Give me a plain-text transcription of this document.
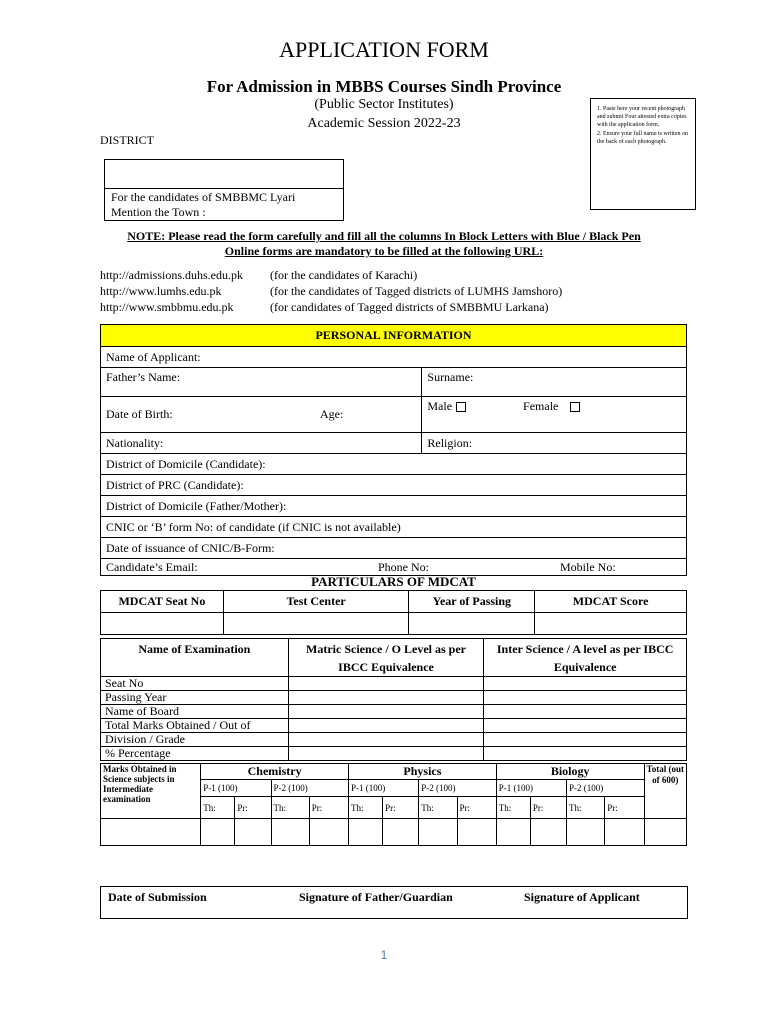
APPLICATION FORM
For Admission in MBBS Courses Sindh Province
(Public Sector Institutes)
Academic Session 2022-23
DISTRICT

1. Paste here your recent photograph and submit Four attested extra copies with the application form.

2. Ensure your full name is written on the back of each photograph.

For the candidates of SMBBMC Lyari
Mention the Town :
NOTE: Please read the form carefully and fill all the columns In Block Letters with Blue / Black Pen
Online forms are mandatory to be filled at the following URL:
http://admissions.duhs.edu.pk (for the candidates of Karachi)
http://www.lumhs.edu.pk	(for the candidates of Tagged districts of LUMHS Jamshoro)
http://www.smbbmu.edu.pk	(for candidates of Tagged districts of SMBBMU Larkana)
PERSONAL INFORMATION	
Name of Applicant:	
Father’s Name:	Surname:
Date of Birth: Age:	Male Female
Nationality:	Religion:
District of Domicile (Candidate):	
District of PRC (Candidate):	
District of Domicile (Father/Mother):	
CNIC or ‘B’ form No: of candidate (if CNIC is not available)	
Date of issuance of CNIC/B-Form:	
Candidate’s Email: Phone No: Mobile No:	
PARTICULARS OF MDCAT
MDCAT Seat No	Test Center	Year of Passing	MDCAT Score

Name of Examination	Matric Science / O Level as per IBCC Equivalence	Inter Science / A level as per IBCC Equivalence
Seat No		
Passing Year		
Name of Board		
Total Marks Obtained / Out of		
Division / Grade		
% Percentage		
Marks Obtained in Science subjects in Intermediate examination	Chemistry				Physics				Biology				Total (out of 600)
	P-1 (100)		P-2 (100)		P-1 (100)		P-2 (100)		P-1 (100)		P-2 (100)		
	Th:	Pr:	Th:	Pr:	Th:	Pr:	Th:	Pr:	Th:	Pr:	Th:	Pr:	

Date of Submission	Signature of Father/Guardian	Signature of Applicant
1
